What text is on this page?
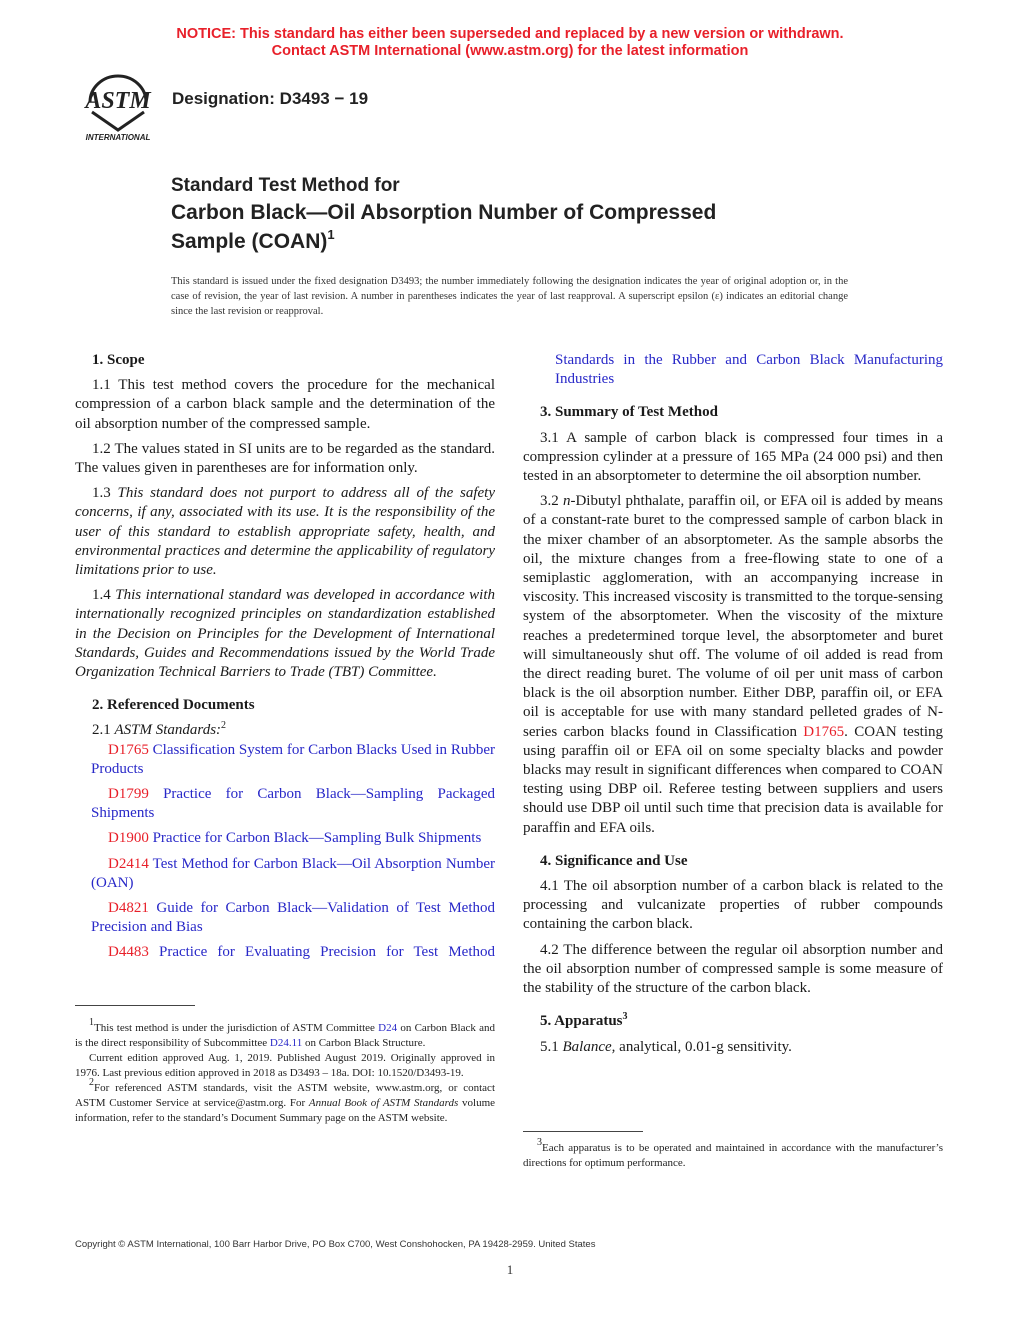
NOTICE: This standard has either been superseded and replaced by a new version or withdrawn.
Contact ASTM International (www.astm.org) for the latest information
ASTM
INTERNATIONAL
Designation: D3493 − 19
Standard Test Method for
Carbon Black—Oil Absorption Number of Compressed
Sample (COAN)$^1$
This standard is issued under the fixed designation D3493; the number immediately following the designation indicates the year of original adoption or, in the case of revision, the year of last revision. A number in parentheses indicates the year of last reapproval. A superscript epsilon (ε) indicates an editorial change since the last revision or reapproval.

1. Scope

1.1 This test method covers the procedure for the mechanical compression of a carbon black sample and the determination of the oil absorption number of the compressed sample.

1.2 The values stated in SI units are to be regarded as the standard. The values given in parentheses are for information only.

1.3 This standard does not purport to address all of the safety concerns, if any, associated with its use. It is the responsibility of the user of this standard to establish appropriate safety, health, and environmental practices and determine the applicability of regulatory limitations prior to use.

1.4 This international standard was developed in accordance with internationally recognized principles on standardization established in the Decision on Principles for the Development of International Standards, Guides and Recommendations issued by the World Trade Organization Technical Barriers to Trade (TBT) Committee.

2. Referenced Documents

2.1 ASTM Standards:$^2$

D1765 Classification System for Carbon Blacks Used in Rubber Products

D1799 Practice for Carbon Black—Sampling Packaged Shipments

D1900 Practice for Carbon Black—Sampling Bulk Shipments

D2414 Test Method for Carbon Black—Oil Absorption Number (OAN)

D4821 Guide for Carbon Black—Validation of Test Method Precision and Bias

D4483 Practice for Evaluating Precision for Test Method

$^1$This test method is under the jurisdiction of ASTM Committee D24 on Carbon Black and is the direct responsibility of Subcommittee D24.11 on Carbon Black Structure.

Current edition approved Aug. 1, 2019. Published August 2019. Originally approved in 1976. Last previous edition approved in 2018 as D3493 – 18a. DOI: 10.1520/D3493-19.

$^2$For referenced ASTM standards, visit the ASTM website, www.astm.org, or contact ASTM Customer Service at service@astm.org. For Annual Book of ASTM Standards volume information, refer to the standard’s Document Summary page on the ASTM website.

Standards in the Rubber and Carbon Black Manufacturing Industries

3. Summary of Test Method

3.1 A sample of carbon black is compressed four times in a compression cylinder at a pressure of 165 MPa (24 000 psi) and then tested in an absorptometer to determine the oil absorption number.

3.2 n-Dibutyl phthalate, paraffin oil, or EFA oil is added by means of a constant-rate buret to the compressed sample of carbon black in the mixer chamber of an absorptometer. As the sample absorbs the oil, the mixture changes from a free-flowing state to one of a semiplastic agglomeration, with an accompanying increase in viscosity. This increased viscosity is transmitted to the torque-sensing system of the absorptometer. When the viscosity of the mixture reaches a predetermined torque level, the absorptometer and buret will simultaneously shut off. The volume of oil added is read from the direct reading buret. The volume of oil per unit mass of carbon black is the oil absorption number. Either DBP, paraffin oil, or EFA oil is acceptable for use with many standard pelleted grades of N-series carbon blacks found in Classification D1765. COAN testing using paraffin oil or EFA oil on some specialty blacks and powder blacks may result in significant differences when compared to COAN testing using DBP oil. Referee testing between suppliers and users should use DBP oil until such time that precision data is available for paraffin and EFA oils.

4. Significance and Use

4.1 The oil absorption number of a carbon black is related to the processing and vulcanizate properties of rubber compounds containing the carbon black.

4.2 The difference between the regular oil absorption number and the oil absorption number of compressed sample is some measure of the stability of the structure of the carbon black.

5. Apparatus$^3$

5.1 Balance, analytical, 0.01-g sensitivity.

$^3$Each apparatus is to be operated and maintained in accordance with the manufacturer’s directions for optimum performance.

Copyright © ASTM International, 100 Barr Harbor Drive, PO Box C700, West Conshohocken, PA 19428-2959. United States
1
